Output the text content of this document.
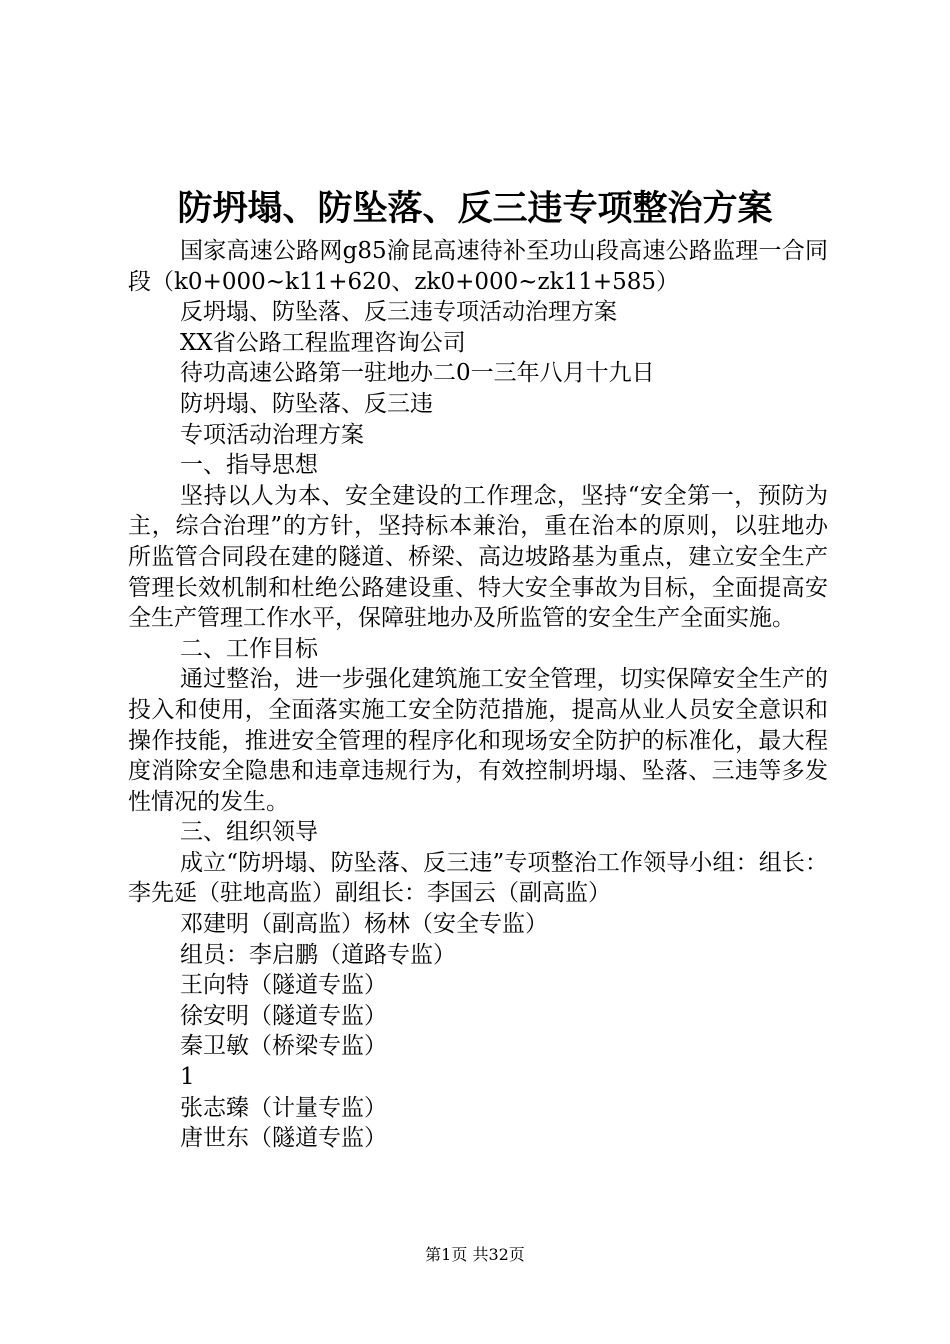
防坍塌、防坠落、反三违专项整治方案

国家高速公路网g85渝昆高速待补至功山段高速公路监理一合同段（k0+000~k11+620、zk0+000~zk11+585）

反坍塌、防坠落、反三违专项活动治理方案

XX省公路工程监理咨询公司

待功高速公路第一驻地办二0一三年八月十九日

防坍塌、防坠落、反三违

专项活动治理方案

一、指导思想

坚持以人为本、安全建设的工作理念，坚持“安全第一，预防为主，综合治理”的方针，坚持标本兼治，重在治本的原则，以驻地办所监管合同段在建的隧道、桥梁、高边坡路基为重点，建立安全生产管理长效机制和杜绝公路建设重、特大安全事故为目标，全面提高安全生产管理工作水平，保障驻地办及所监管的安全生产全面实施。

二、工作目标

通过整治，进一步强化建筑施工安全管理，切实保障安全生产的投入和使用，全面落实施工安全防范措施，提高从业人员安全意识和操作技能，推进安全管理的程序化和现场安全防护的标准化，最大程度消除安全隐患和违章违规行为，有效控制坍塌、坠落、三违等多发性情况的发生。

三、组织领导

成立“防坍塌、防坠落、反三违”专项整治工作领导小组：组长：李先延（驻地高监）副组长：李国云（副高监）

邓建明（副高监）杨林（安全专监）

组员：李启鹏（道路专监）

王向特（隧道专监）

徐安明（隧道专监）

秦卫敏（桥梁专监）

1

张志臻（计量专监）

唐世东（隧道专监）

第1页 共32页
